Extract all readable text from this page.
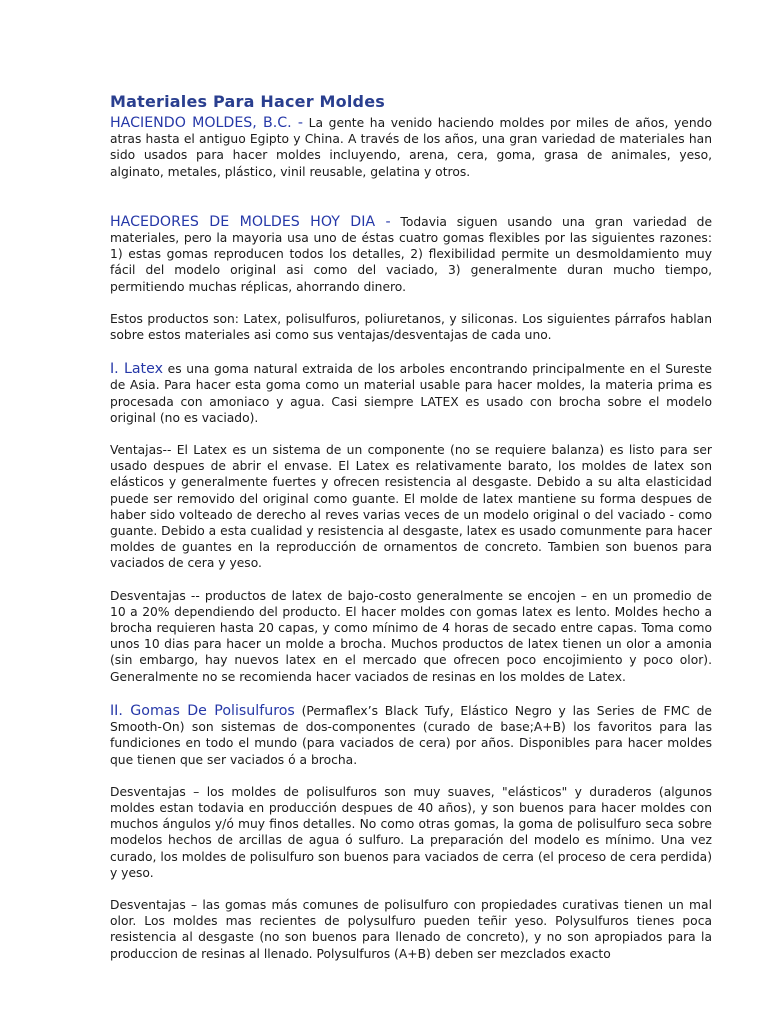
Materiales Para Hacer Moldes

HACIENDO MOLDES, B.C. - La gente ha venido haciendo moldes por miles de años, yendo atras hasta el antiguo Egipto y China. A través de los años, una gran variedad de materiales han sido usados para hacer moldes incluyendo, arena, cera, goma, grasa de animales, yeso, alginato, metales, plástico, vinil reusable, gelatina y otros.

HACEDORES DE MOLDES HOY DIA - Todavia siguen usando una gran variedad de materiales, pero la mayoria usa uno de éstas cuatro gomas flexibles por las siguientes razones: 1) estas gomas reproducen todos los detalles, 2) flexibilidad permite un desmoldamiento muy fácil del modelo original asi como del vaciado, 3) generalmente duran mucho tiempo, permitiendo muchas réplicas, ahorrando dinero.

Estos productos son: Latex, polisulfuros, poliuretanos, y siliconas. Los siguientes párrafos hablan sobre estos materiales asi como sus ventajas/desventajas de cada uno.

I. Latex es una goma natural extraida de los arboles encontrando principalmente en el Sureste de Asia. Para hacer esta goma como un material usable para hacer moldes, la materia prima es procesada con amoniaco y agua. Casi siempre LATEX es usado con brocha sobre el modelo original (no es vaciado).

Ventajas-- El Latex es un sistema de un componente (no se requiere balanza) es listo para ser usado despues de abrir el envase. El Latex es relativamente barato, los moldes de latex son elásticos y generalmente fuertes y ofrecen resistencia al desgaste. Debido a su alta elasticidad puede ser removido del original como guante. El molde de latex mantiene su forma despues de haber sido volteado de derecho al reves varias veces de un modelo original o del vaciado - como guante. Debido a esta cualidad y resistencia al desgaste, latex es usado comunmente para hacer moldes de guantes en la reproducción de ornamentos de concreto. Tambien son buenos para vaciados de cera y yeso.

Desventajas -- productos de latex de bajo-costo generalmente se encojen – en un promedio de 10 a 20% dependiendo del producto. El hacer moldes con gomas latex es lento. Moldes hecho a brocha requieren hasta 20 capas, y como mínimo de 4 horas de secado entre capas. Toma como unos 10 dias para hacer un molde a brocha. Muchos productos de latex tienen un olor a amonia (sin embargo, hay nuevos latex en el mercado que ofrecen poco encojimiento y poco olor). Generalmente no se recomienda hacer vaciados de resinas en los moldes de Latex.

II. Gomas De Polisulfuros (Permaflex’s Black Tufy, Elástico Negro y las Series de FMC de Smooth-On) son sistemas de dos-componentes (curado de base;A+B) los favoritos para las fundiciones en todo el mundo (para vaciados de cera) por años. Disponibles para hacer moldes que tienen que ser vaciados ó a brocha.

Desventajas – los moldes de polisulfuros son muy suaves, "elásticos" y duraderos (algunos moldes estan todavia en producción despues de 40 años), y son buenos para hacer moldes con muchos ángulos y/ó muy finos detalles. No como otras gomas, la goma de polisulfuro seca sobre modelos hechos de arcillas de agua ó sulfuro. La preparación del modelo es mínimo. Una vez curado, los moldes de polisulfuro son buenos para vaciados de cerra (el proceso de cera perdida) y yeso.

Desventajas – las gomas más comunes de polisulfuro con propiedades curativas tienen un mal olor. Los moldes mas recientes de polysulfuro pueden teñir yeso. Polysulfuros tienes poca resistencia al desgaste (no son buenos para llenado de concreto), y no son apropiados para la produccion de resinas al llenado. Polysulfuros (A+B) deben ser mezclados exacto
